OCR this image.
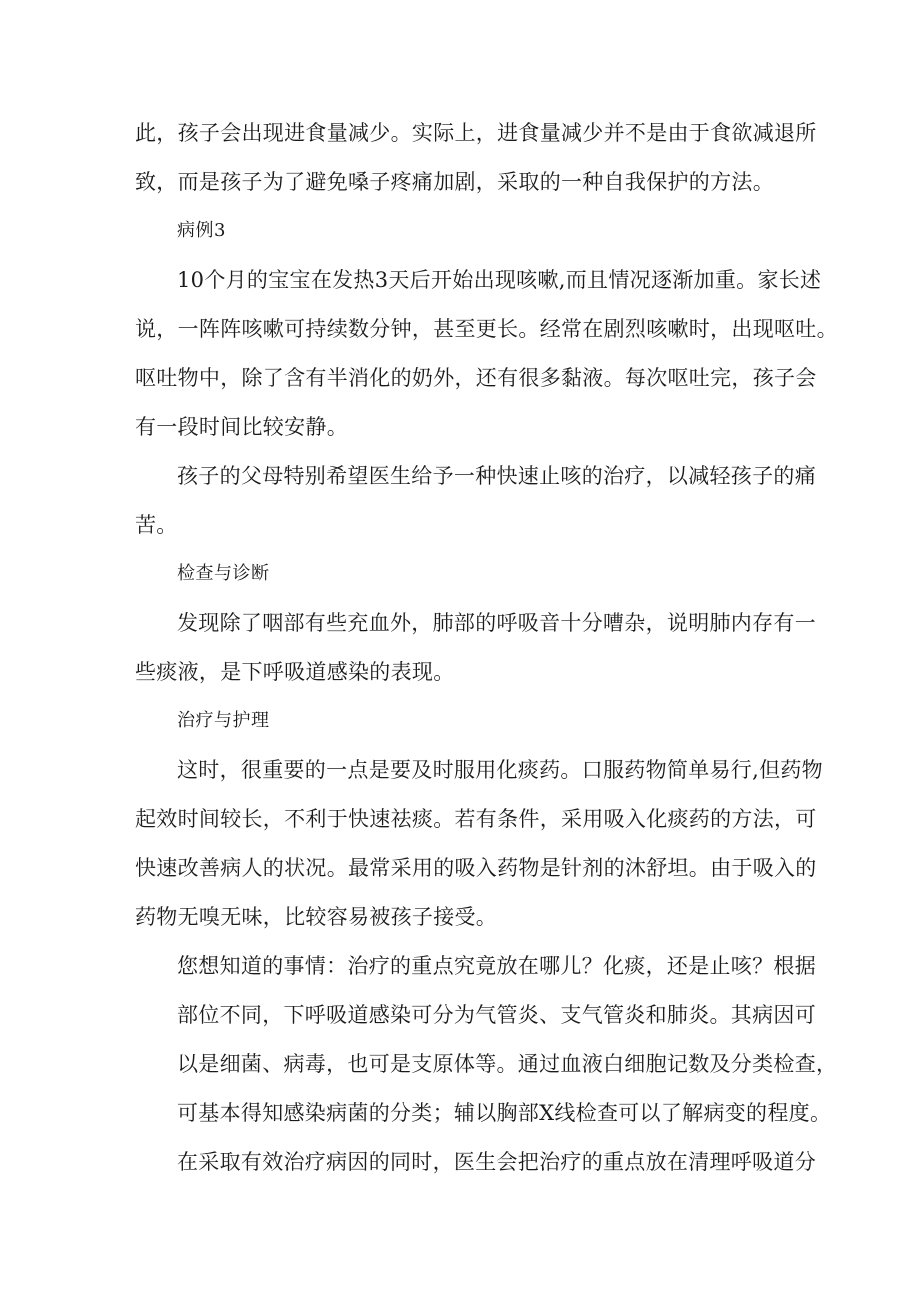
此，孩子会出现进食量减少。实际上，进食量减少并不是由于食欲减退所
致，而是孩子为了避免嗓子疼痛加剧，采取的一种自我保护的方法。
病例3
10个月的宝宝在发热3天后开始出现咳嗽,而且情况逐渐加重。家长述
说，一阵阵咳嗽可持续数分钟，甚至更长。经常在剧烈咳嗽时，出现呕吐。
呕吐物中，除了含有半消化的奶外，还有很多黏液。每次呕吐完，孩子会
有一段时间比较安静。
孩子的父母特别希望医生给予一种快速止咳的治疗，以减轻孩子的痛
苦。
检查与诊断
发现除了咽部有些充血外，肺部的呼吸音十分嘈杂，说明肺内存有一
些痰液，是下呼吸道感染的表现。
治疗与护理
这时，很重要的一点是要及时服用化痰药。口服药物简单易行,但药物
起效时间较长，不利于快速祛痰。若有条件，采用吸入化痰药的方法，可
快速改善病人的状况。最常采用的吸入药物是针剂的沐舒坦。由于吸入的
药物无嗅无味，比较容易被孩子接受。
您想知道的事情：治疗的重点究竟放在哪儿？化痰，还是止咳？根据
部位不同，下呼吸道感染可分为气管炎、支气管炎和肺炎。其病因可
以是细菌、病毒，也可是支原体等。通过血液白细胞记数及分类检查，
可基本得知感染病菌的分类；辅以胸部X线检查可以了解病变的程度。
在采取有效治疗病因的同时，医生会把治疗的重点放在清理呼吸道分
